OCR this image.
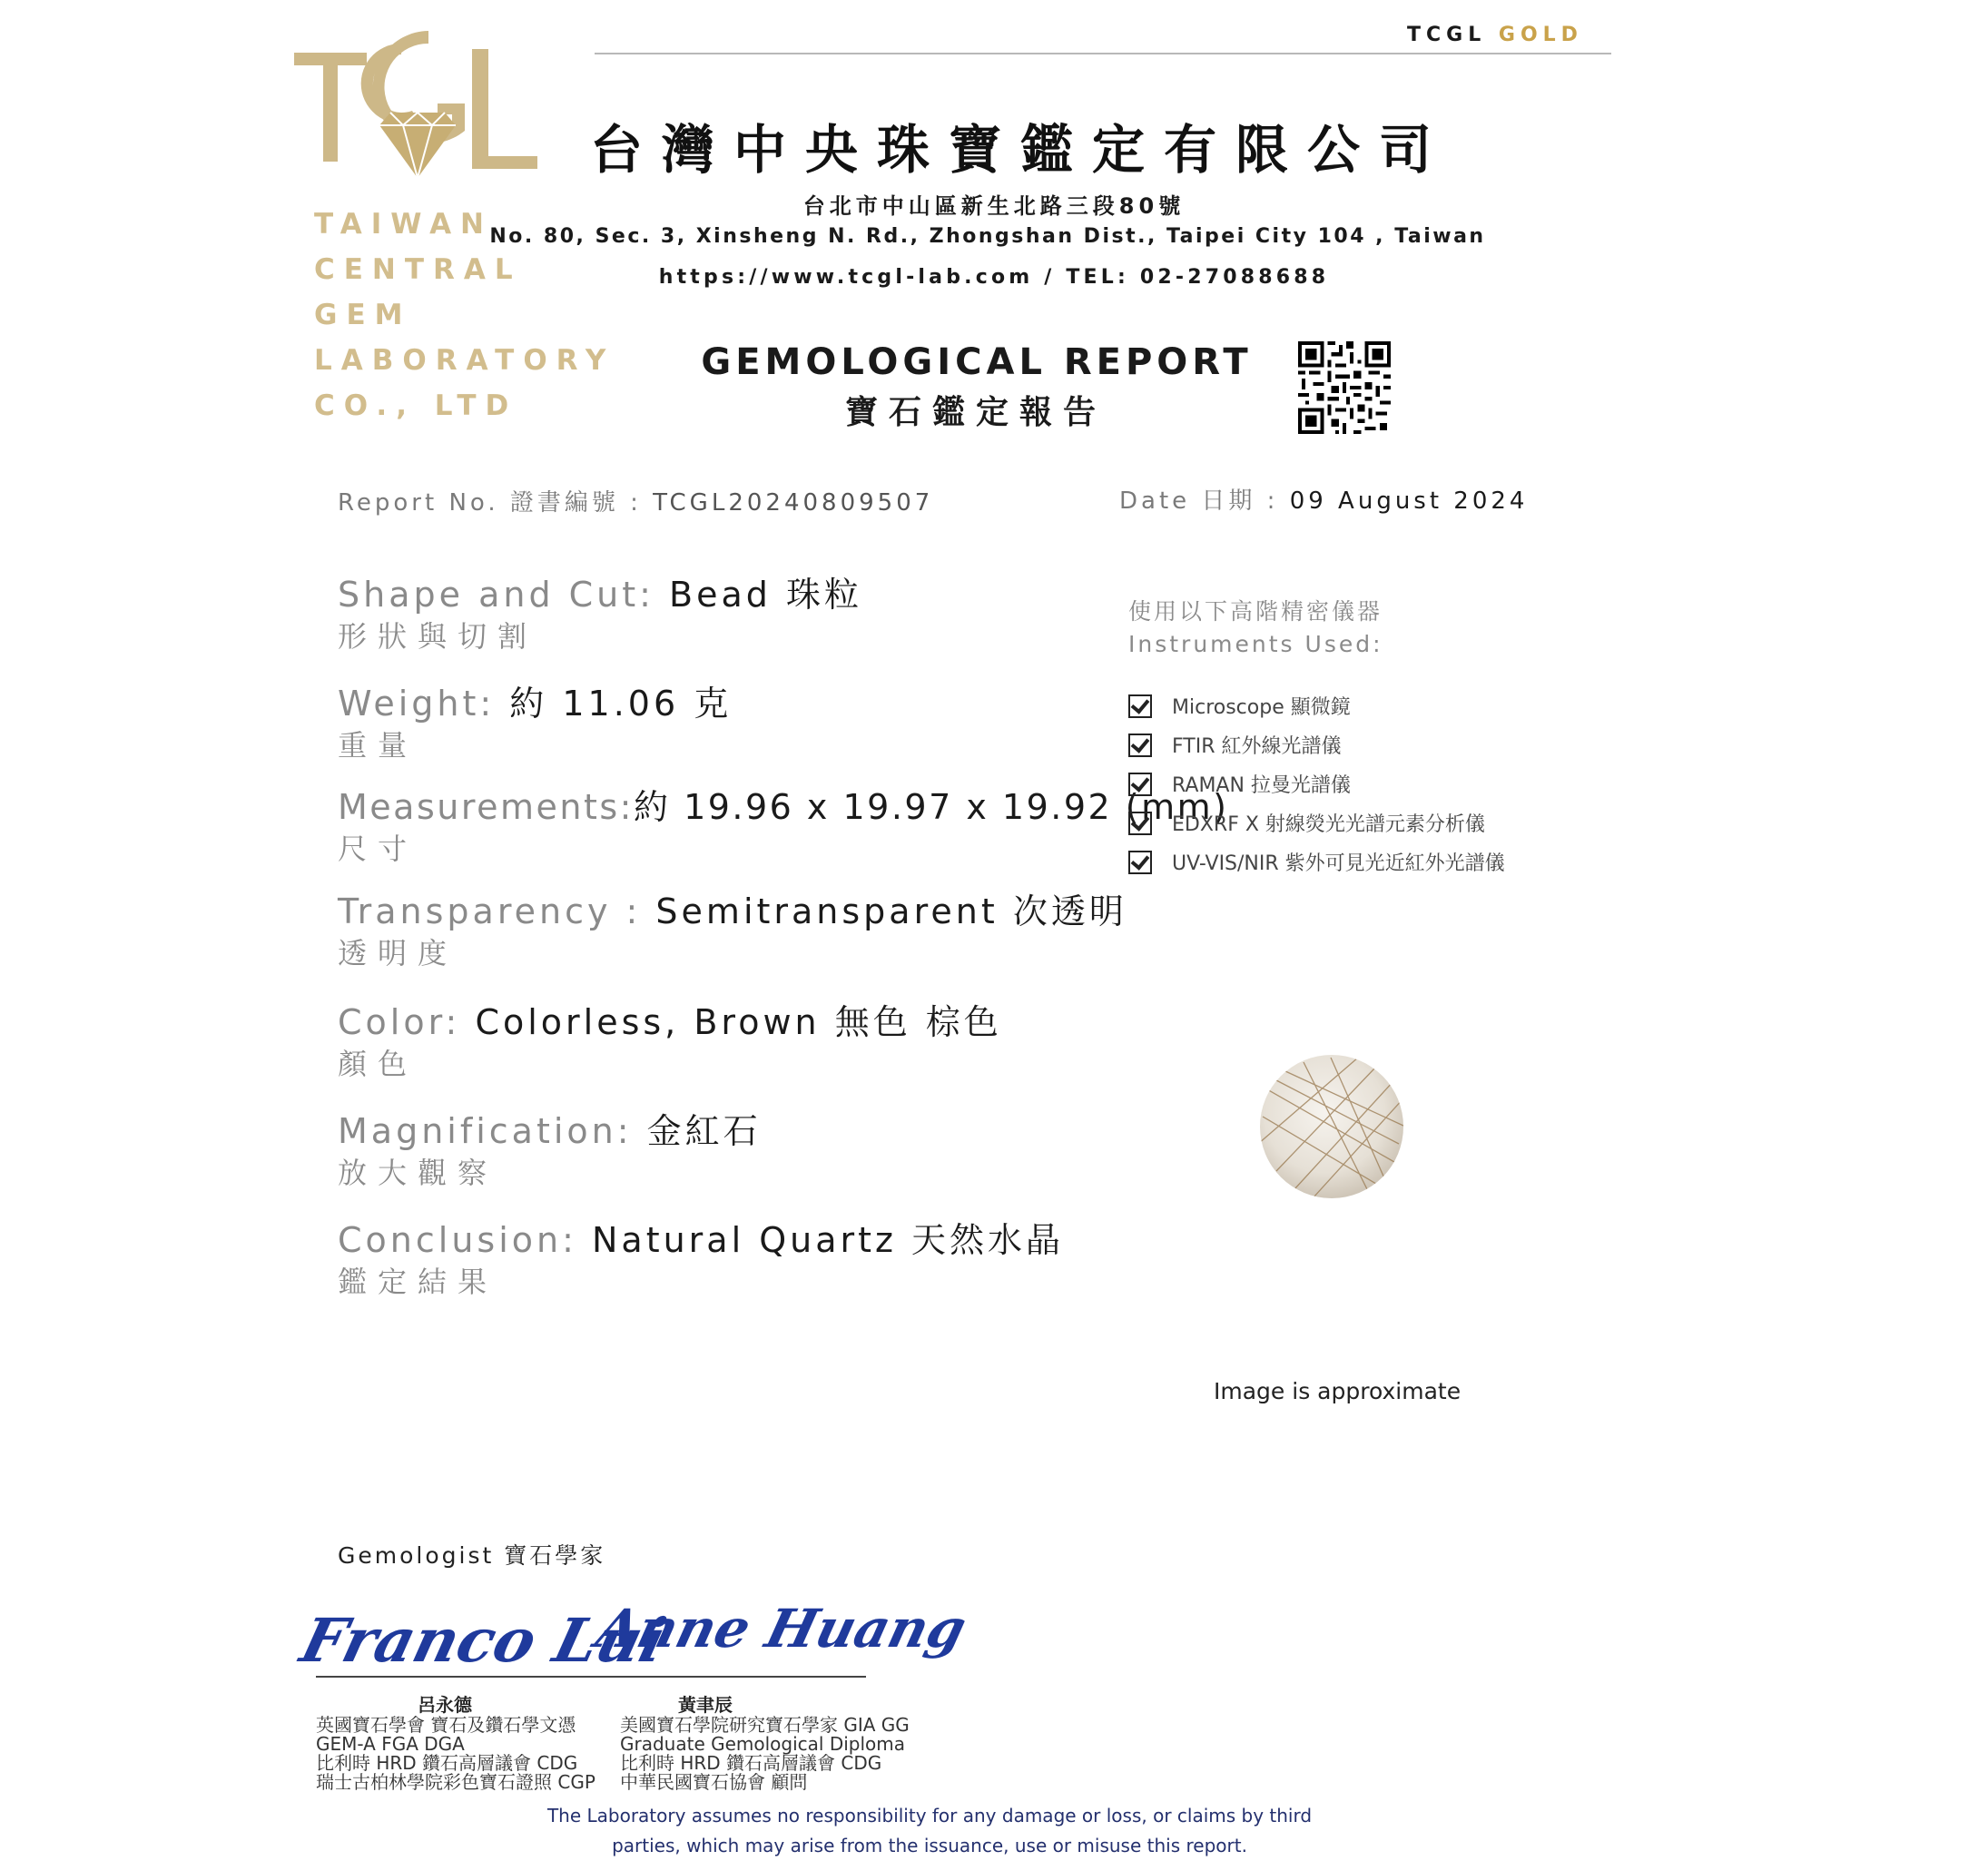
TCGL GOLD
TCGL
TAIWAN
CENTRAL
GEM
LABORATORY
CO., LTD
台灣中央珠寶鑑定有限公司
台北市中山區新生北路三段80號
No. 80, Sec. 3, Xinsheng N. Rd., Zhongshan Dist., Taipei City 104 , Taiwan
https://www.tcgl-lab.com / TEL: 02-27088688
GEMOLOGICAL REPORT
寶石鑑定報告
Report No. 證書編號 : TCGL20240809507	Date 日期 : 09 August 2024
Shape and Cut: Bead 珠粒
形狀與切割
Weight: 約 11.06 克
重量
Measurements:約 19.96 x 19.97 x 19.92 (mm)
尺寸
Transparency : Semitransparent 次透明
透明度
Color: Colorless, Brown 無色 棕色
顏色
Magnification: 金紅石
放大觀察
Conclusion: Natural Quartz 天然水晶
鑑定結果
使用以下高階精密儀器
Instruments Used:
Microscope 顯微鏡
FTIR 紅外線光譜儀
RAMAN 拉曼光譜儀
EDXRF X 射線熒光光譜元素分析儀
UV-VIS/NIR 紫外可見光近紅外光譜儀
Image is approximate
Gemologist 寶石學家
Franco Lui
Anne Huang
呂永德
英國寶石學會 寶石及鑽石學文憑
GEM-A FGA DGA
比利時 HRD 鑽石高層議會 CDG
瑞士古柏林學院彩色寶石證照 CGP
黃聿辰
美國寶石學院研究寶石學家 GIA GG
Graduate Gemological Diploma
比利時 HRD 鑽石高層議會 CDG
中華民國寶石協會 顧問
The Laboratory assumes no responsibility for any damage or loss, or claims by third
parties, which may arise from the issuance, use or misuse this report.
